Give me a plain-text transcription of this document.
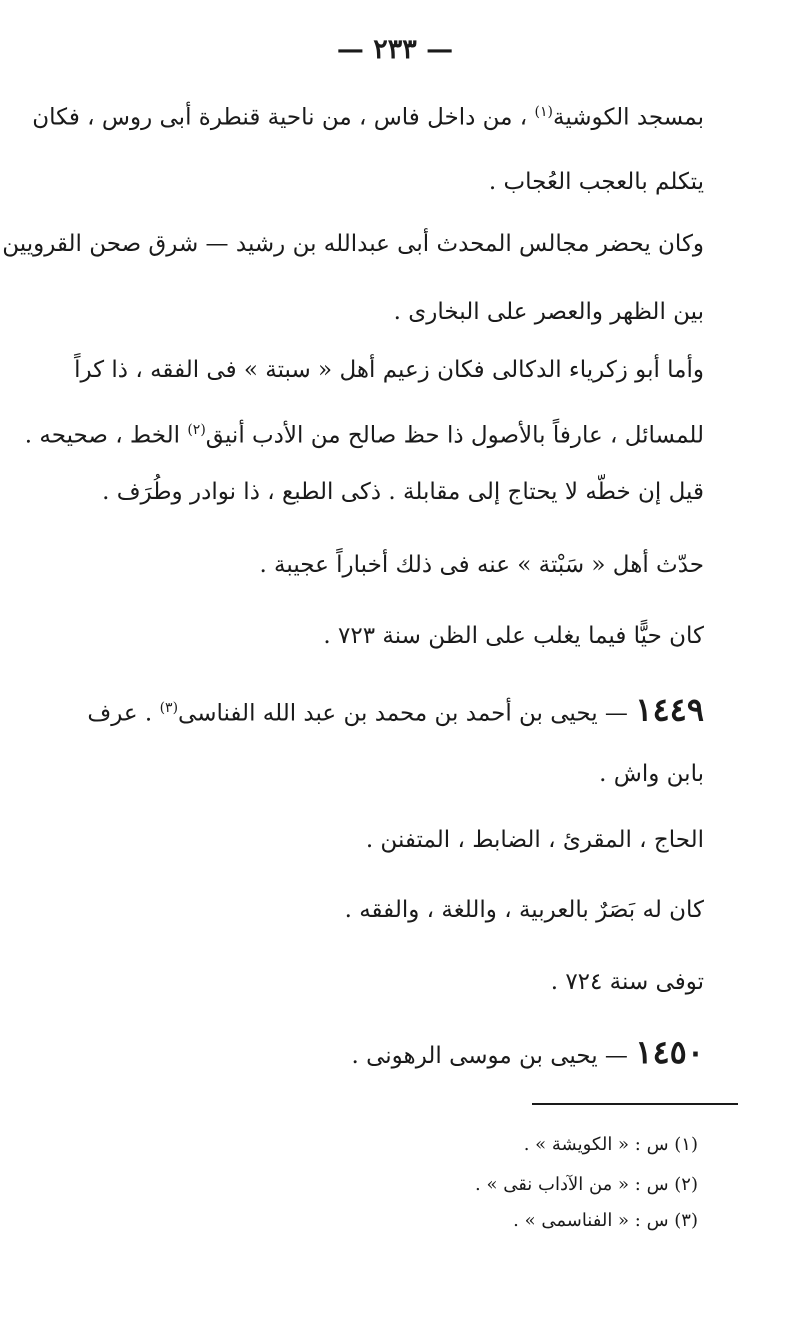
— ٢٣٣ —
بمسجد الكوشية$^{(١)}$ ، من داخل فاس ، من ناحية قنطرة أبى روس ، فكان
يتكلم بالعجب العُجاب .
وكان يحضر مجالس المحدث أبى عبدالله بن رشيد — شرق صحن القرويين
بين الظهر والعصر على البخارى .
وأما أبو زكرياء الدكالى فكان زعيم أهل « سبتة » فى الفقه ، ذا كراً
للمسائل ، عارفاً بالأصول ذا حظ صالح من الأدب أنيق$^{(٢)}$ الخط ، صحيحه .
قيل إن خطّه لا يحتاج إلى مقابلة . ذكى الطبع ، ذا نوادر وطُرَف .
حدّث أهل « سَبْتة » عنه فى ذلك أخباراً عجيبة .
كان حيًّا فيما يغلب على الظن سنة ٧٢٣ .
١٤٤٩ — يحيى بن أحمد بن محمد بن عبد الله الفناسى$^{(٣)}$ . عرف
بابن واش .
الحاج ، المقرئ ، الضابط ، المتفنن .
كان له بَصَرٌ بالعربية ، واللغة ، والفقه .
توفى سنة ٧٢٤ .
١٤٥٠ — يحيى بن موسى الرهونى .
(١) س : « الكويشة » .
(٢) س : « من الآداب نقى » .
(٣) س : « الفناسمى » .
